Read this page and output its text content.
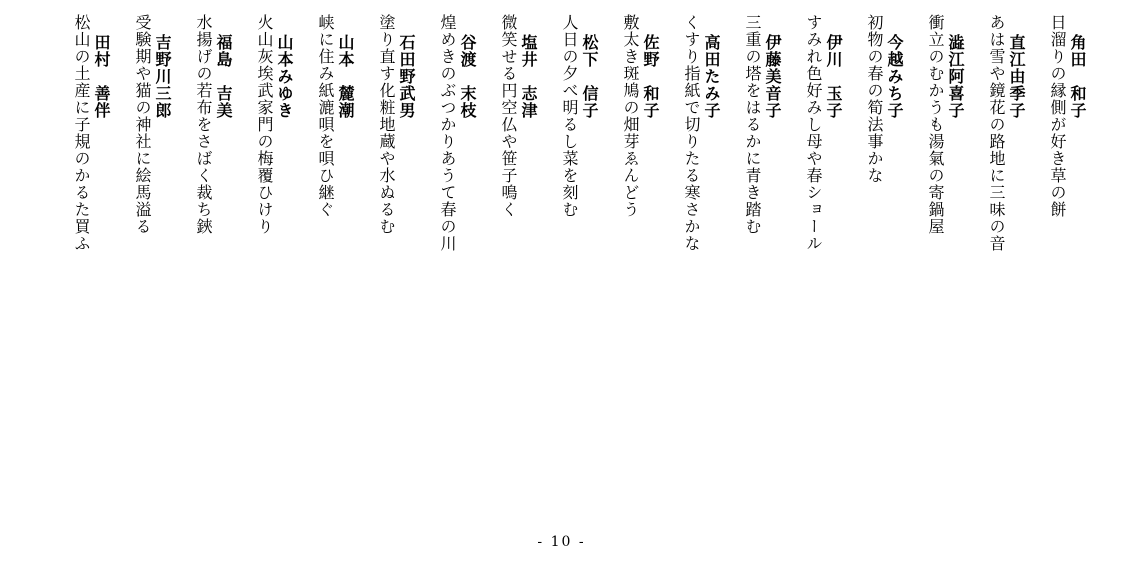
角田　和子
日溜りの縁側が好き草の餅
直江由季子
あは雪や鏡花の路地に三味の音
澁江阿喜子
衝立のむかうも湯氣の寄鍋屋
今越みち子
初物の春の筍法事かな
伊川　玉子
すみれ色好みし母や春ショール
伊藤美音子
三重の塔をはるかに青き踏む
高田たみ子
くすり指紙で切りたる寒さかな
佐野　和子
敷太き斑鳩の畑芽ゑんどう
松下　信子
人日の夕べ明るし菜を刻む
塩井　志津
微笑せる円空仏や笹子鳴く
谷渡　末枝
煌めきのぶつかりあうて春の川
石田野武男
塗り直す化粧地蔵や水ぬるむ
山本　麓潮
峡に住み紙漉唄を唄ひ継ぐ
山本みゆき
火山灰埃武家門の梅覆ひけり
福島　吉美
水揚げの若布をさばく裁ち鋏
吉野川三郎
受験期や猫の神社に絵馬溢る
田村　善伴
松山の土産に子規のかるた買ふ
- 10 -
